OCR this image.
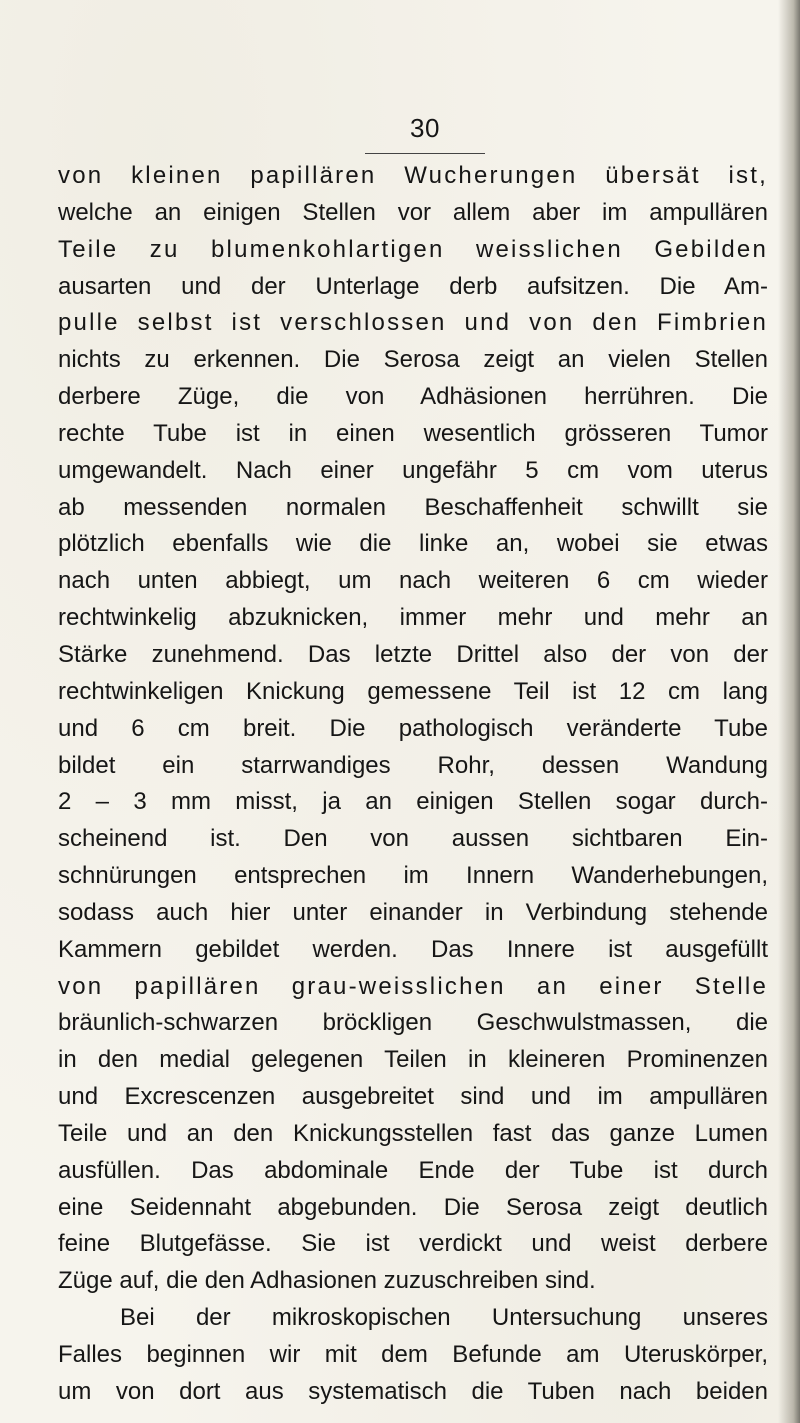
30
von kleinen papillären Wucherungen übersät ist,
welche an einigen Stellen vor allem aber im ampullären
Teile zu blumenkohlartigen weisslichen Gebilden
ausarten und der Unterlage derb aufsitzen. Die Am-
pulle selbst ist verschlossen und von den Fimbrien
nichts zu erkennen. Die Serosa zeigt an vielen Stellen
derbere Züge, die von Adhäsionen herrühren. Die
rechte Tube ist in einen wesentlich grösseren Tumor
umgewandelt. Nach einer ungefähr 5 cm vom uterus
ab messenden normalen Beschaffenheit schwillt sie
plötzlich ebenfalls wie die linke an, wobei sie etwas
nach unten abbiegt, um nach weiteren 6 cm wieder
rechtwinkelig abzuknicken, immer mehr und mehr an
Stärke zunehmend. Das letzte Drittel also der von der
rechtwinkeligen Knickung gemessene Teil ist 12 cm lang
und 6 cm breit. Die pathologisch veränderte Tube
bildet ein starrwandiges Rohr, dessen Wandung
2 – 3 mm misst, ja an einigen Stellen sogar durch-
scheinend ist. Den von aussen sichtbaren Ein-
schnürungen entsprechen im Innern Wanderhebungen,
sodass auch hier unter einander in Verbindung stehende
Kammern gebildet werden. Das Innere ist ausgefüllt
von papillären grau-weisslichen an einer Stelle
bräunlich-schwarzen bröckligen Geschwulstmassen, die
in den medial gelegenen Teilen in kleineren Prominenzen
und Excrescenzen ausgebreitet sind und im ampullären
Teile und an den Knickungsstellen fast das ganze Lumen
ausfüllen. Das abdominale Ende der Tube ist durch
eine Seidennaht abgebunden. Die Serosa zeigt deutlich
feine Blutgefässe. Sie ist verdickt und weist derbere
Züge auf, die den Adhasionen zuzuschreiben sind.
Bei der mikroskopischen Untersuchung unseres
Falles beginnen wir mit dem Befunde am Uteruskörper,
um von dort aus systematisch die Tuben nach beiden
